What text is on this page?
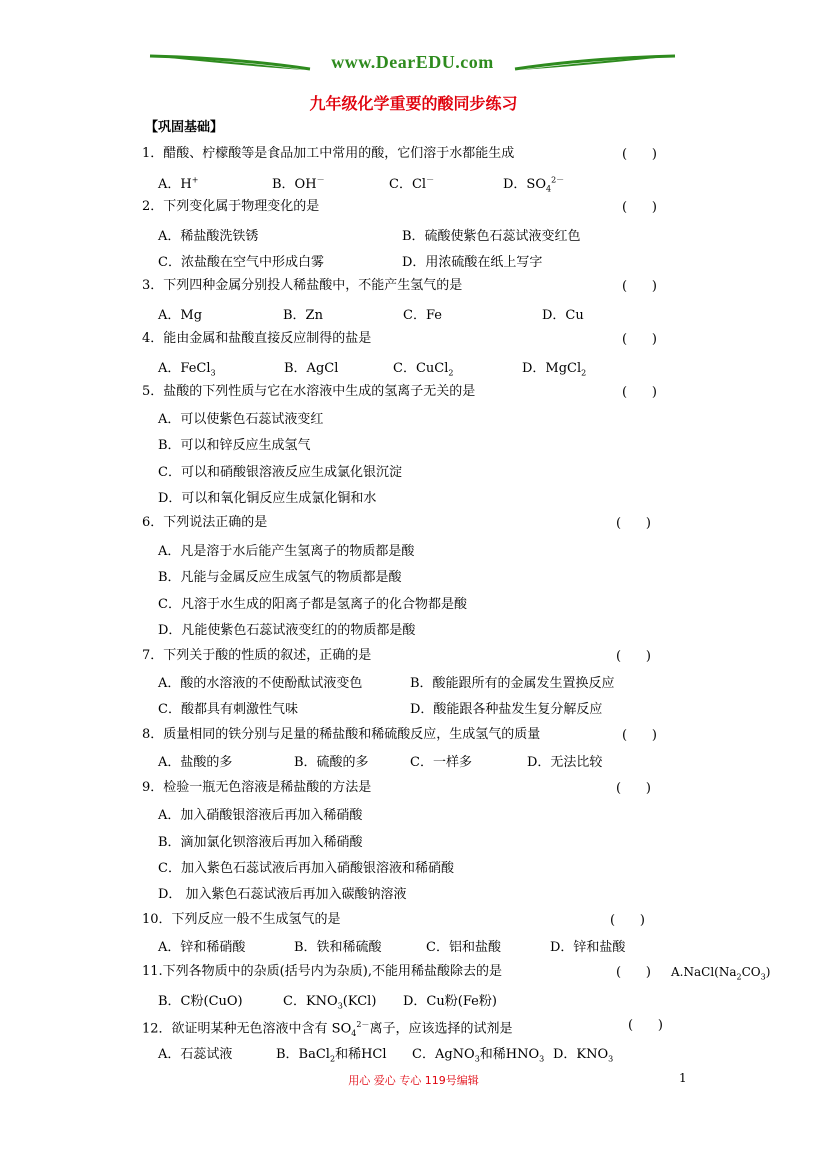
www.DearEDU.com
九年级化学重要的酸同步练习
【巩固基础】
1．醋酸、柠檬酸等是食品加工中常用的酸，它们溶于水都能生成	(      )
A．H+	B．OH－	C．Cl－	D．$SO_4^{2-}$
2．下列变化属于物理变化的是	(      )
A．稀盐酸洗铁锈	B．硫酸使紫色石蕊试液变红色
C．浓盐酸在空气中形成白雾	D．用浓硫酸在纸上写字
3．下列四种金属分别投人稀盐酸中，不能产生氢气的是	(      )
A．Mg	B．Zn	C．Fe	D．Cu
4．能由金属和盐酸直接反应制得的盐是	(      )
A．FeCl$_3$	B．AgCl	C．CuCl$_2$	D．MgCl$_2$
5．盐酸的下列性质与它在水溶液中生成的氢离子无关的是	(      )
A．可以使紫色石蕊试液变红
B．可以和锌反应生成氢气
C．可以和硝酸银溶液反应生成氯化银沉淀
D．可以和氧化铜反应生成氯化铜和水
6．下列说法正确的是	(      )
A．凡是溶于水后能产生氢离子的物质都是酸
B．凡能与金属反应生成氢气的物质都是酸
C．凡溶于水生成的阳离子都是氢离子的化合物都是酸
D．凡能使紫色石蕊试液变红的的物质都是酸
7．下列关于酸的性质的叙述，正确的是	(      )
A．酸的水溶液的不使酚酞试液变色	B．酸能跟所有的金属发生置换反应
C．酸都具有刺激性气味	D．酸能跟各种盐发生复分解反应
8．质量相同的铁分别与足量的稀盐酸和稀硫酸反应，生成氢气的质量	(      )
A．盐酸的多	B．硫酸的多	C．一样多	D．无法比较
9．检验一瓶无色溶液是稀盐酸的方法是	(      )
A．加入硝酸银溶液后再加入稀硝酸
B．滴加氯化钡溶液后再加入稀硝酸
C．加入紫色石蕊试液后再加入硝酸银溶液和稀硝酸
D． 加入紫色石蕊试液后再加入碳酸钠溶液
10．下列反应一般不生成氢气的是	(      )
A．锌和稀硝酸	B．铁和稀硫酸	C．铝和盐酸	D．锌和盐酸
11.下列各物质中的杂质(括号内为杂质),不能用稀盐酸除去的是	(      ) $A.NaCl(Na_2CO_3)$
B．C粉(CuO)	C．$KNO_3(KCl)$ D．Cu粉(Fe粉)
12．欲证明某种无色溶液中含有 $SO_4^{2-}$离子，应该选择的试剂是	(      )
A．石蕊试液	B．BaCl$_2$和稀HCl C．AgNO$_3$和稀$HNO_3$ D．$KNO_3$
用心 爱心 专心 119号编辑	1
